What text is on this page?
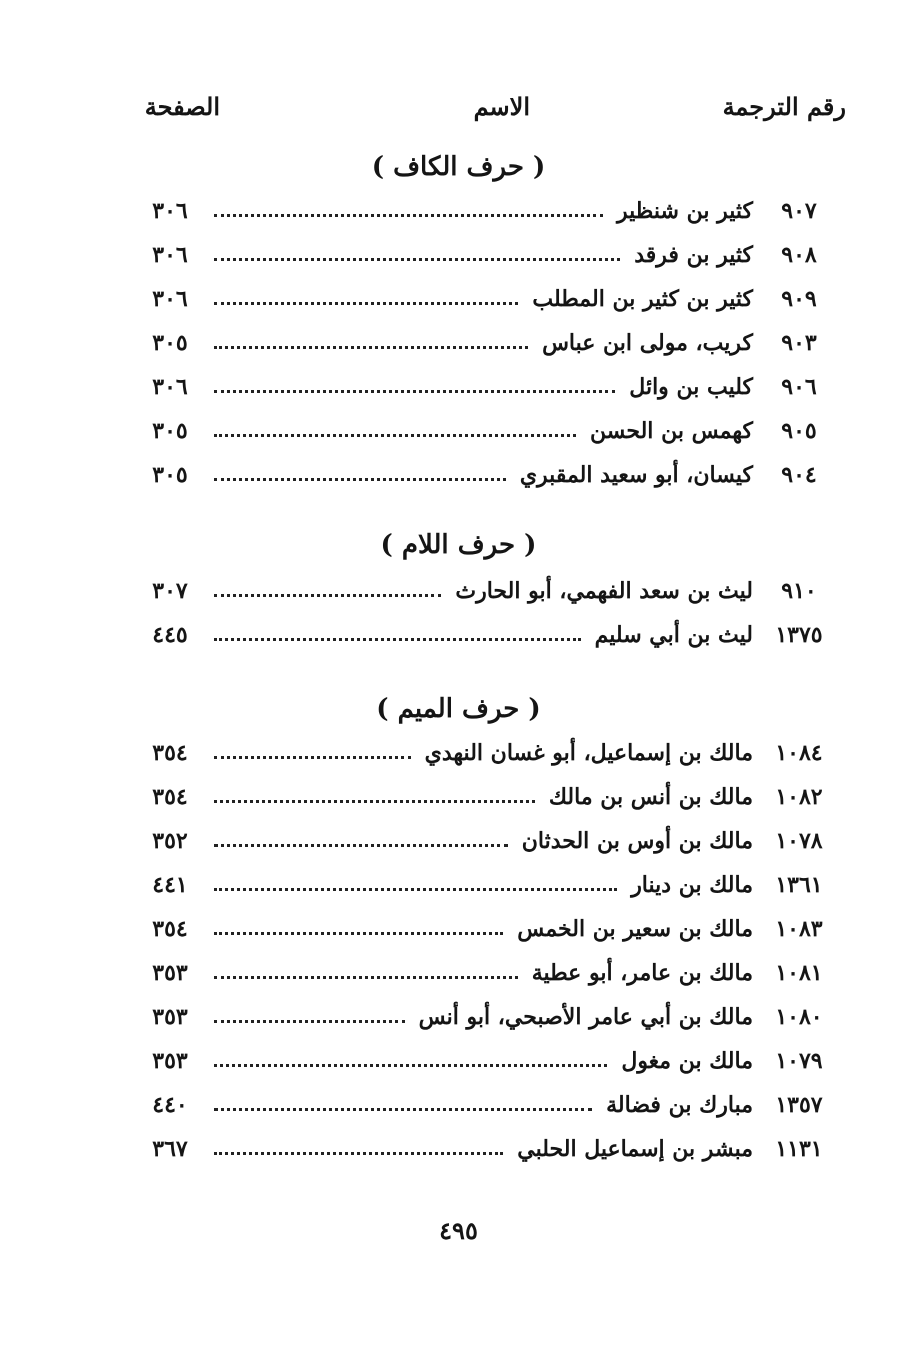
رقم الترجمة
الاسم
الصفحة
( حرف الكاف )
٩٠٧
كثير بن شنظير
٣٠٦
٩٠٨
كثير بن فرقد
٣٠٦
٩٠٩
كثير بن كثير بن المطلب
٣٠٦
٩٠٣
كريب، مولى ابن عباس
٣٠٥
٩٠٦
كليب بن وائل
٣٠٦
٩٠٥
كهمس بن الحسن
٣٠٥
٩٠٤
كيسان، أبو سعيد المقبري
٣٠٥
( حرف اللام )
٩١٠
ليث بن سعد الفهمي، أبو الحارث
٣٠٧
١٣٧٥
ليث بن أبي سليم
٤٤٥
( حرف الميم )
١٠٨٤
مالك بن إسماعيل، أبو غسان النهدي
٣٥٤
١٠٨٢
مالك بن أنس بن مالك
٣٥٤
١٠٧٨
مالك بن أوس بن الحدثان
٣٥٢
١٣٦١
مالك بن دينار
٤٤١
١٠٨٣
مالك بن سعير بن الخمس
٣٥٤
١٠٨١
مالك بن عامر، أبو عطية
٣٥٣
١٠٨٠
مالك بن أبي عامر الأصبحي، أبو أنس
٣٥٣
١٠٧٩
مالك بن مغول
٣٥٣
١٣٥٧
مبارك بن فضالة
٤٤٠
١١٣١
مبشر بن إسماعيل الحلبي
٣٦٧
٤٩٥
